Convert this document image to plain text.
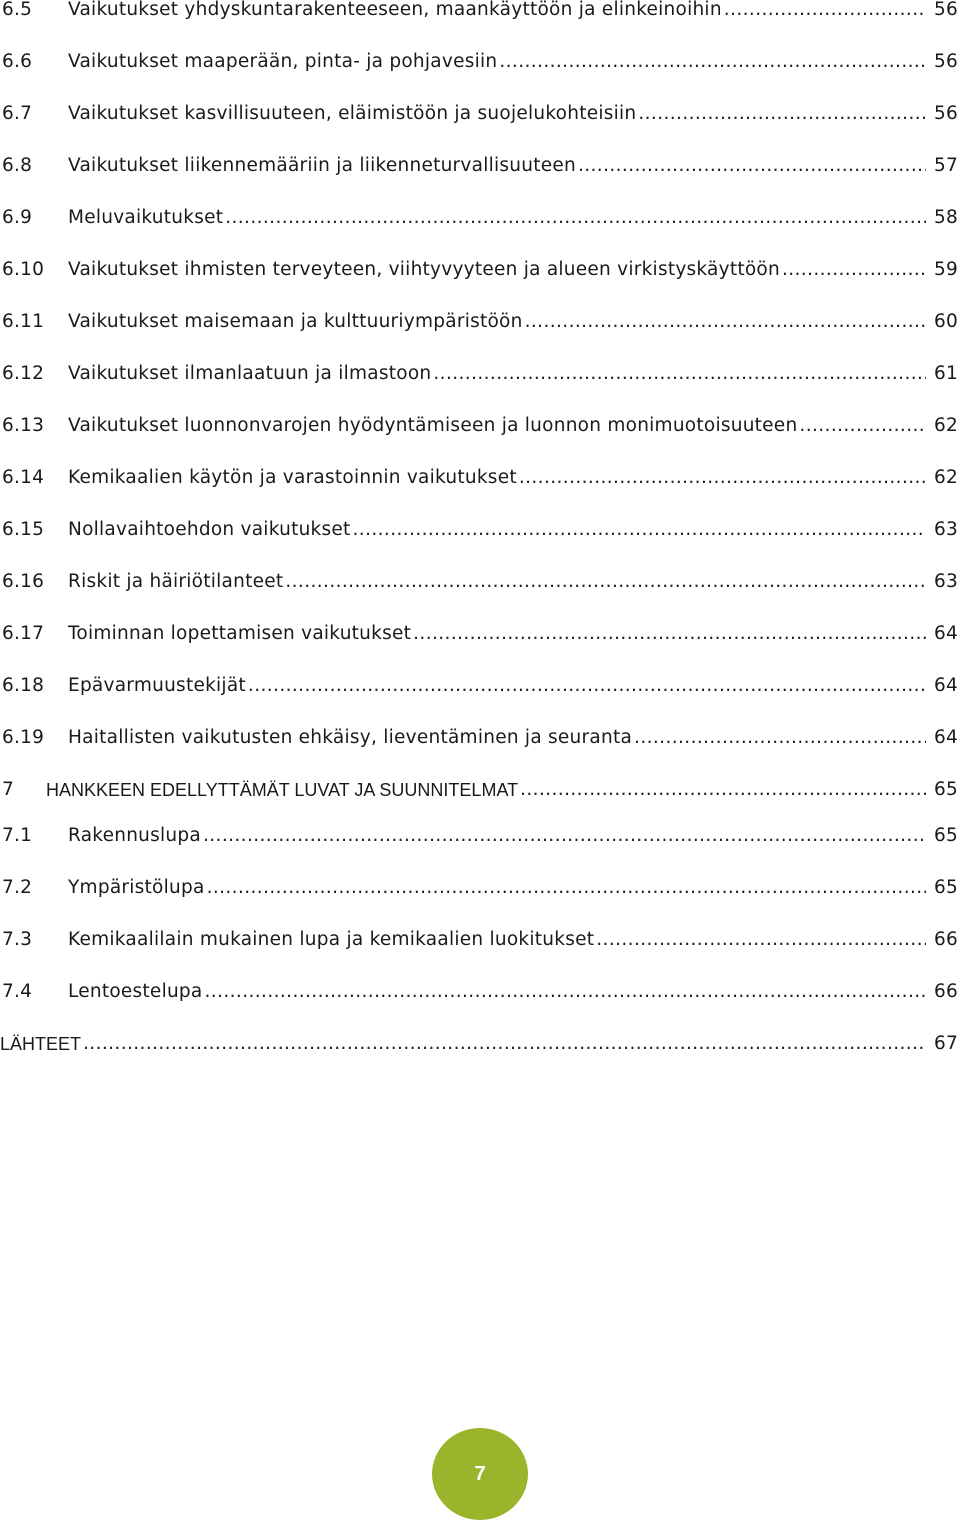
6.5	Vaikutukset yhdyskuntarakenteeseen, maankäyttöön ja elinkeinoihin .....	56
6.6	Vaikutukset maaperään, pinta- ja pohjavesiin .....	56
6.7	Vaikutukset kasvillisuuteen, eläimistöön ja suojelukohteisiin .....	56
6.8	Vaikutukset liikennemääriin ja liikenneturvallisuuteen .....	57
6.9	Meluvaikutukset .....	58
6.10	Vaikutukset ihmisten terveyteen, viihtyvyyteen ja alueen virkistyskäyttöön .....	59
6.11	Vaikutukset maisemaan ja kulttuuriympäristöön .....	60
6.12	Vaikutukset ilmanlaatuun ja ilmastoon .....	61
6.13	Vaikutukset luonnonvarojen hyödyntämiseen ja luonnon monimuotoisuuteen .....	62
6.14	Kemikaalien käytön ja varastoinnin vaikutukset .....	62
6.15	Nollavaihtoehdon vaikutukset .....	63
6.16	Riskit ja häiriötilanteet .....	63
6.17	Toiminnan lopettamisen vaikutukset .....	64
6.18	Epävarmuustekijät .....	64
6.19	Haitallisten vaikutusten ehkäisy, lieventäminen ja seuranta .....	64
7	HANKKEEN EDELLYTTÄMÄT LUVAT JA SUUNNITELMAT .....	65
7.1	Rakennuslupa .....	65
7.2	Ympäristölupa .....	65
7.3	Kemikaalilain mukainen lupa ja kemikaalien luokitukset .....	66
7.4	Lentoestelupa .....	66
LÄHTEET .....	67
7
